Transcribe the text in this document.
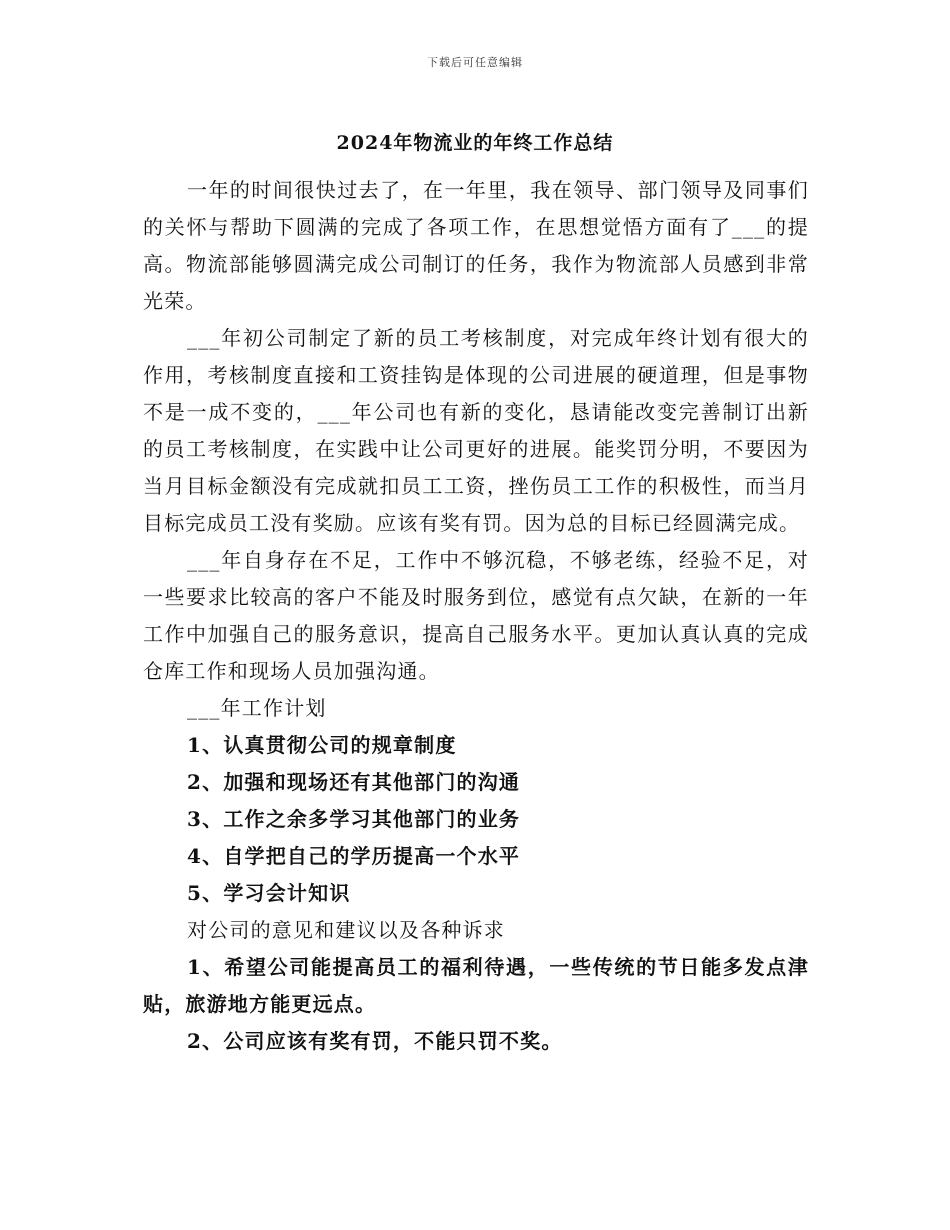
下载后可任意编辑
2024年物流业的年终工作总结

一年的时间很快过去了，在一年里，我在领导、部门领导及同事们的关怀与帮助下圆满的完成了各项工作，在思想觉悟方面有了___的提高。物流部能够圆满完成公司制订的任务，我作为物流部人员感到非常光荣。

___年初公司制定了新的员工考核制度，对完成年终计划有很大的作用，考核制度直接和工资挂钩是体现的公司进展的硬道理，但是事物不是一成不变的，___年公司也有新的变化，恳请能改变完善制订出新的员工考核制度，在实践中让公司更好的进展。能奖罚分明，不要因为当月目标金额没有完成就扣员工工资，挫伤员工工作的积极性，而当月目标完成员工没有奖励。应该有奖有罚。因为总的目标已经圆满完成。

___年自身存在不足，工作中不够沉稳，不够老练，经验不足，对一些要求比较高的客户不能及时服务到位，感觉有点欠缺，在新的一年工作中加强自己的服务意识，提高自己服务水平。更加认真认真的完成仓库工作和现场人员加强沟通。

___年工作计划

1、认真贯彻公司的规章制度

2、加强和现场还有其他部门的沟通

3、工作之余多学习其他部门的业务

4、自学把自己的学历提高一个水平

5、学习会计知识

对公司的意见和建议以及各种诉求

1、希望公司能提高员工的福利待遇，一些传统的节日能多发点津贴，旅游地方能更远点。

2、公司应该有奖有罚，不能只罚不奖。
